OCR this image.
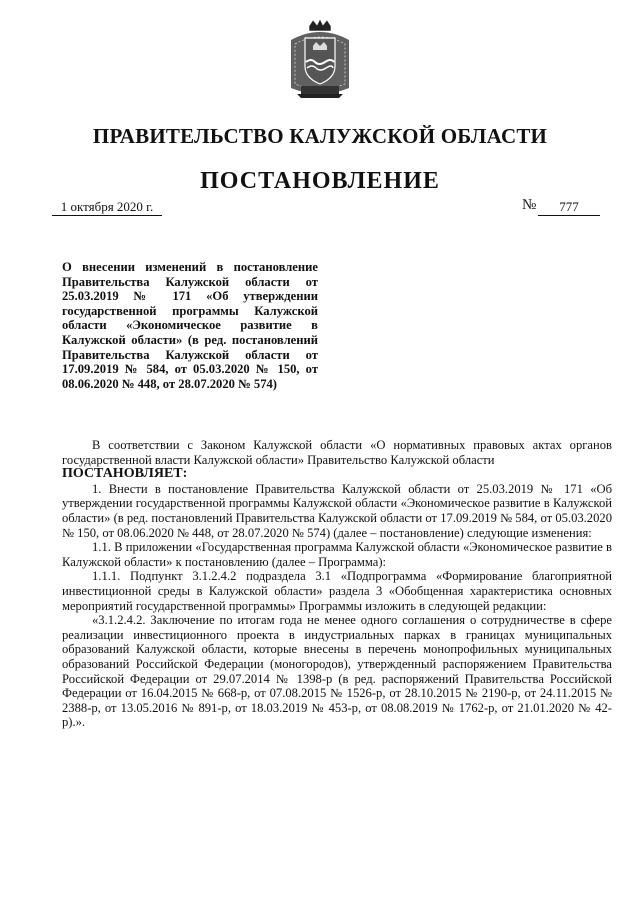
ПРАВИТЕЛЬСТВО КАЛУЖСКОЙ ОБЛАСТИ
ПОСТАНОВЛЕНИЕ
1 октября 2020 г.	№	777
О внесении изменений в постановление Правительства Калужской области от 25.03.2019 № 171 «Об утверждении государственной программы Калужской области «Экономическое развитие в Калужской области» (в ред. постановлений Правительства Калужской области от 17.09.2019 № 584, от 05.03.2020 № 150, от 08.06.2020 № 448, от 28.07.2020 № 574)

В соответствии с Законом Калужской области «О нормативных правовых актах органов государственной власти Калужской области» Правительство Калужской области

ПОСТАНОВЛЯЕТ:

1. Внести в постановление Правительства Калужской области от 25.03.2019 № 171 «Об утверждении государственной программы Калужской области «Экономическое развитие в Калужской области» (в ред. постановлений Правительства Калужской области от 17.09.2019 № 584, от 05.03.2020 № 150, от 08.06.2020 № 448, от 28.07.2020 № 574) (далее – постановление) следующие изменения:

1.1. В приложении «Государственная программа Калужской области «Экономическое развитие в Калужской области» к постановлению (далее – Программа):

1.1.1. Подпункт 3.1.2.4.2 подраздела 3.1 «Подпрограмма «Формирование благоприятной инвестиционной среды в Калужской области» раздела 3 «Обобщенная характеристика основных мероприятий государственной программы» Программы изложить в следующей редакции:

«3.1.2.4.2. Заключение по итогам года не менее одного соглашения о сотрудничестве в сфере реализации инвестиционного проекта в индустриальных парках в границах муниципальных образований Калужской области, которые внесены в перечень монопрофильных муниципальных образований Российской Федерации (моногородов), утвержденный распоряжением Правительства Российской Федерации от 29.07.2014 № 1398-р (в ред. распоряжений Правительства Российской Федерации от 16.04.2015 № 668-р, от 07.08.2015 № 1526-р, от 28.10.2015 № 2190-р, от 24.11.2015 № 2388-р, от 13.05.2016 № 891-р, от 18.03.2019 № 453-р, от 08.08.2019 № 1762-р, от 21.01.2020 № 42-р).».
